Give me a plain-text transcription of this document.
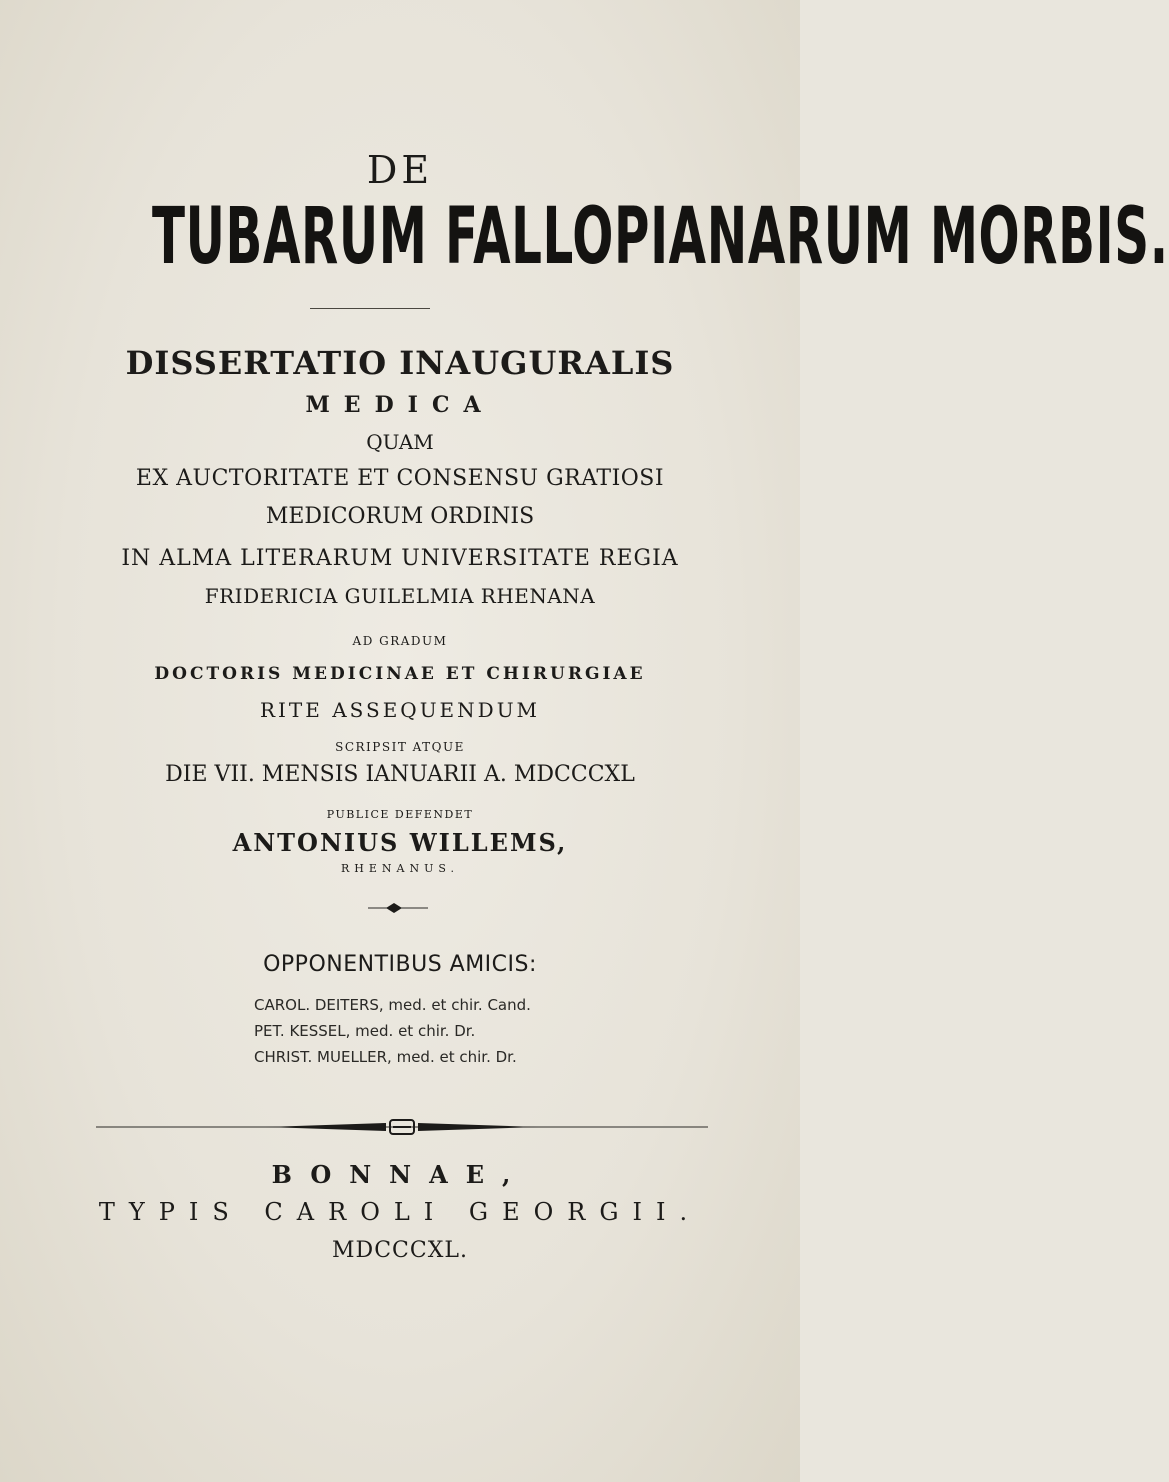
DE
TUBARUM FALLOPIANARUM MORBIS.
DISSERTATIO INAUGURALIS
MEDICA
QUAM
EX AUCTORITATE ET CONSENSU GRATIOSI
MEDICORUM ORDINIS
IN ALMA LITERARUM UNIVERSITATE REGIA
FRIDERICIA GUILELMIA RHENANA
AD GRADUM
DOCTORIS MEDICINAE ET CHIRURGIAE
RITE ASSEQUENDUM
SCRIPSIT ATQUE
DIE VII. MENSIS IANUARII A. MDCCCXL
PUBLICE DEFENDET
ANTONIUS WILLEMS,
RHENANUS.
OPPONENTIBUS AMICIS:
CAROL. DEITERS, med. et chir. Cand.
PET. KESSEL, med. et chir. Dr.
CHRIST. MUELLER, med. et chir. Dr.
BONNAE,
TYPIS CAROLI GEORGII.
MDCCCXL.
